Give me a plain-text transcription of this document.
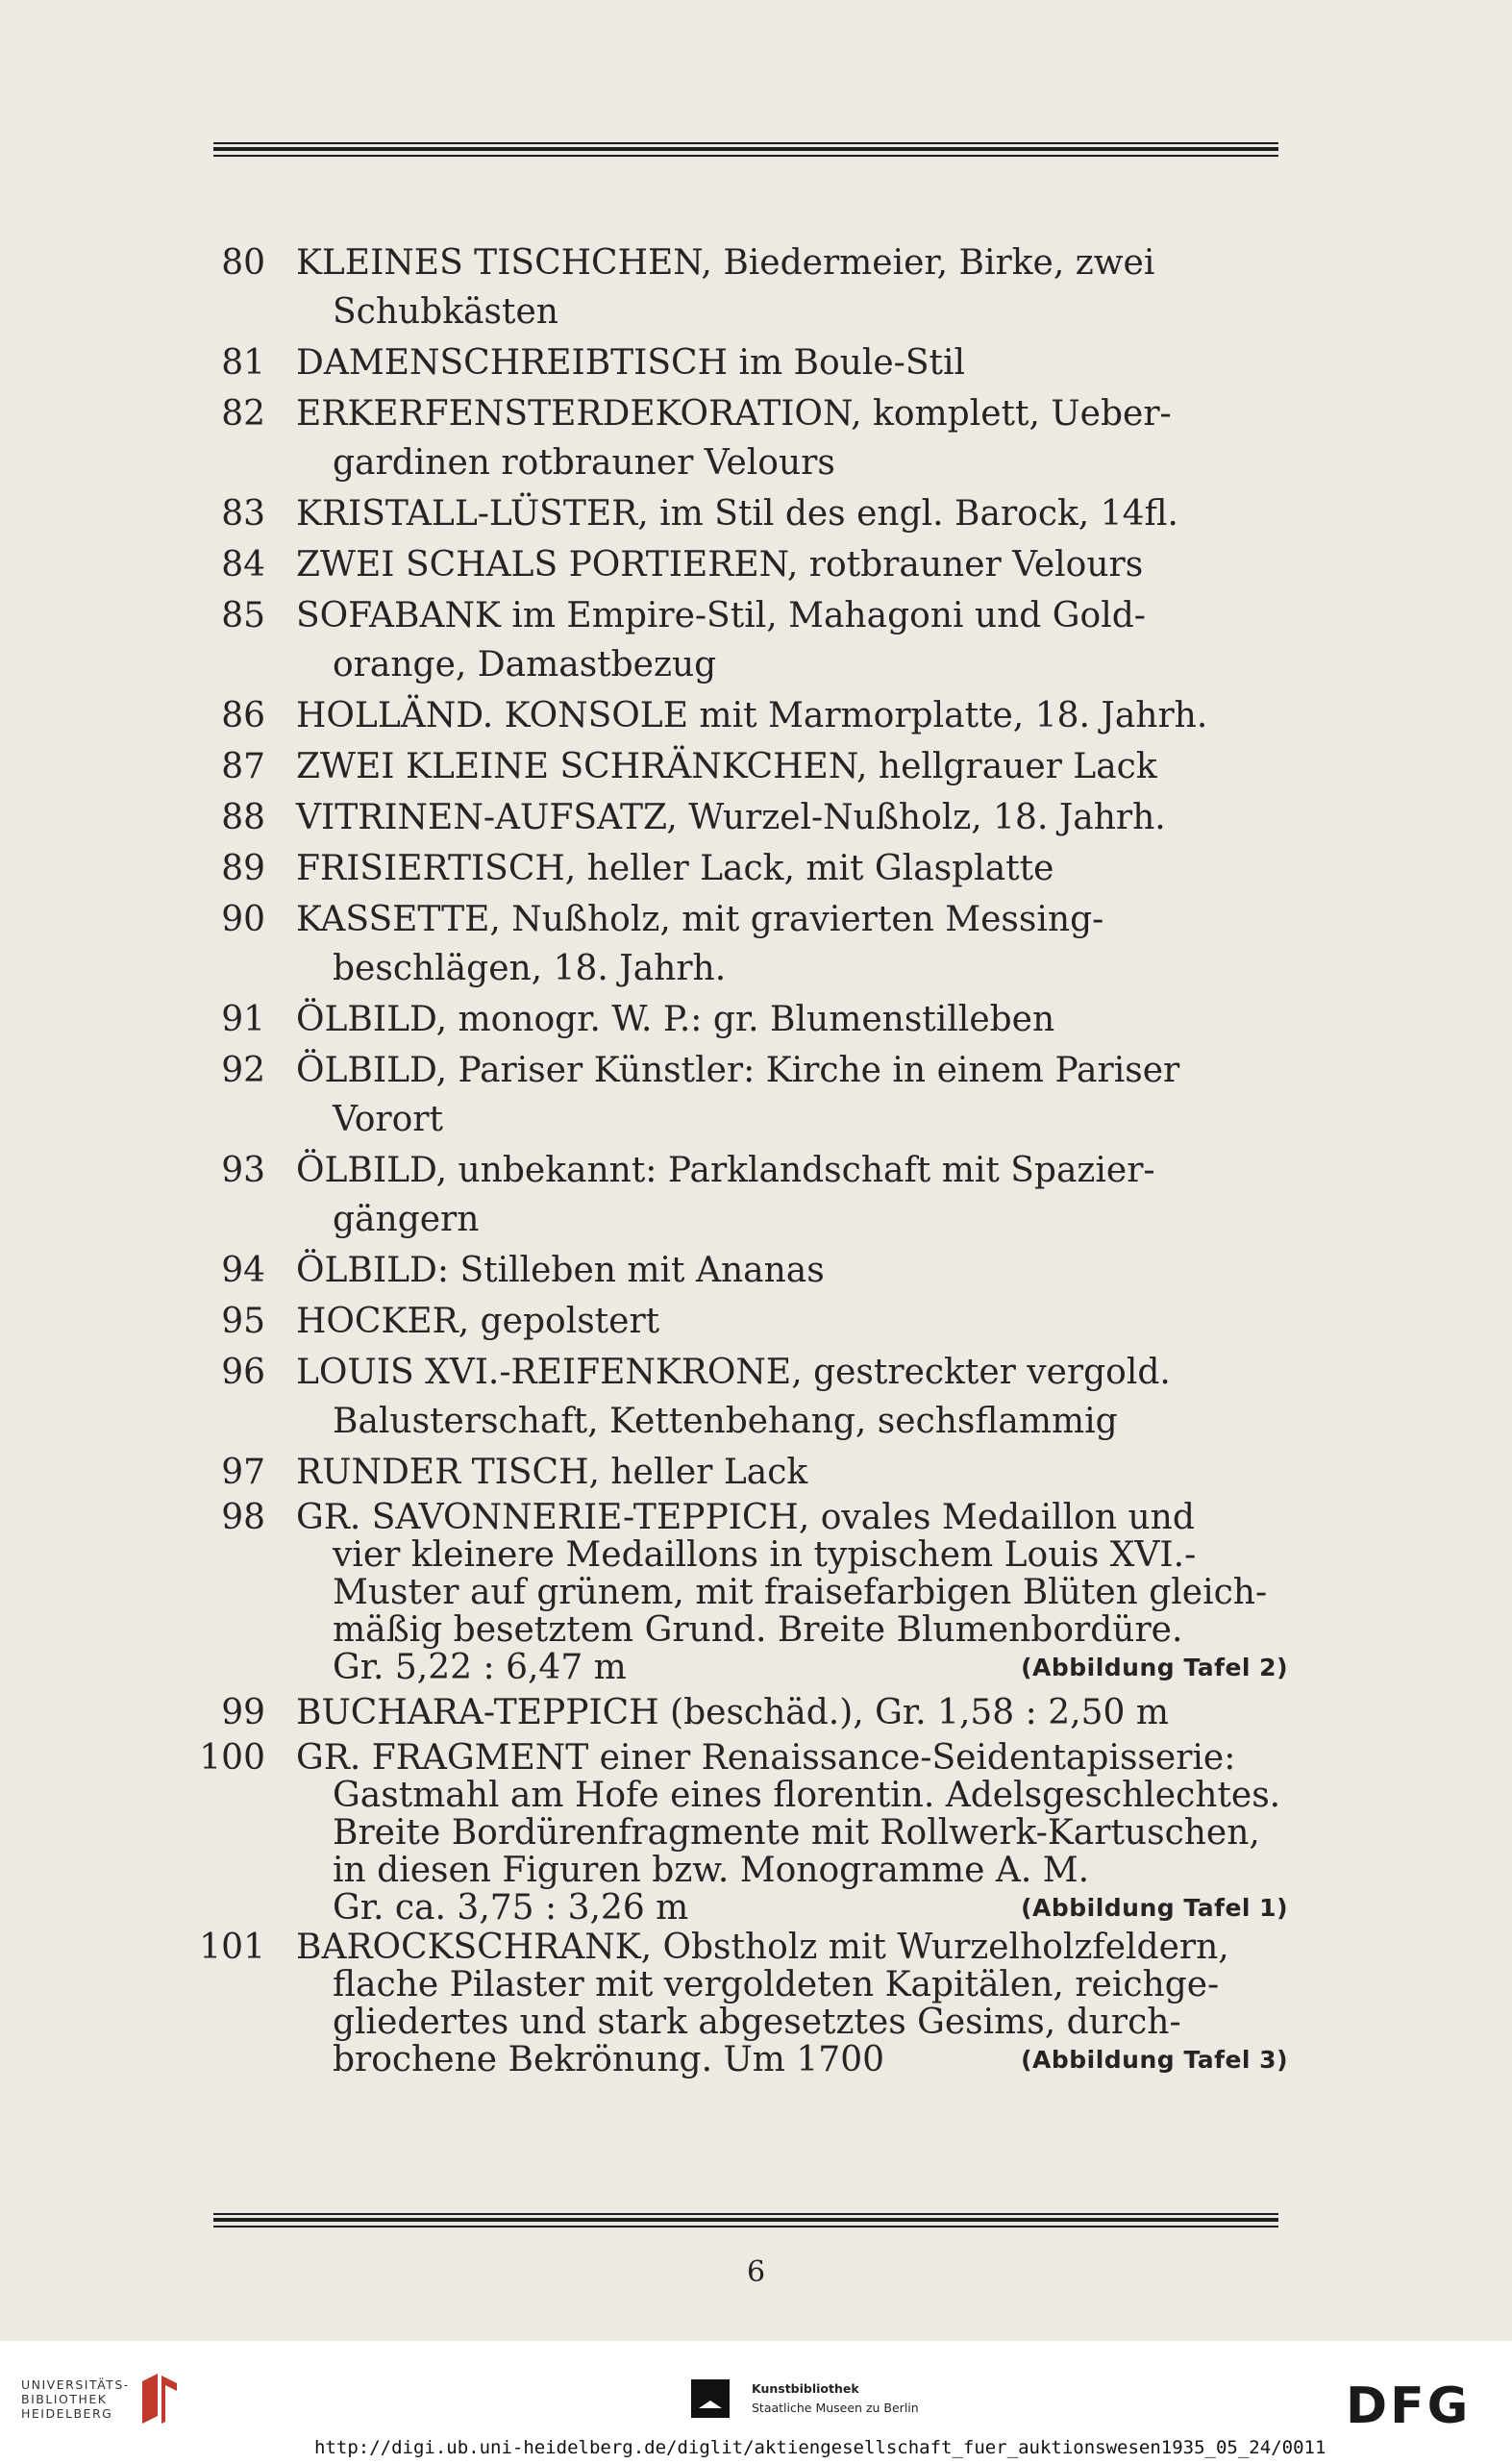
80 KLEINES TISCHCHEN, Biedermeier, Birke, zwei
Schubkästen
81 DAMENSCHREIBTISCH im Boule-Stil
82 ERKERFENSTERDEKORATION, komplett, Ueber-
gardinen rotbrauner Velours
83 KRISTALL-LÜSTER, im Stil des engl. Barock, 14fl.
84 ZWEI SCHALS PORTIEREN, rotbrauner Velours
85 SOFABANK im Empire-Stil, Mahagoni und Gold-
orange, Damastbezug
86 HOLLÄND. KONSOLE mit Marmorplatte, 18. Jahrh.
87 ZWEI KLEINE SCHRÄNKCHEN, hellgrauer Lack
88 VITRINEN-AUFSATZ, Wurzel-Nußholz, 18. Jahrh.
89 FRISIERTISCH, heller Lack, mit Glasplatte
90 KASSETTE, Nußholz, mit gravierten Messing-
beschlägen, 18. Jahrh.
91 ÖLBILD, monogr. W. P.: gr. Blumenstilleben
92 ÖLBILD, Pariser Künstler: Kirche in einem Pariser
Vorort
93 ÖLBILD, unbekannt: Parklandschaft mit Spazier-
gängern
94 ÖLBILD: Stilleben mit Ananas
95 HOCKER, gepolstert
96 LOUIS XVI.-REIFENKRONE, gestreckter vergold.
Balusterschaft, Kettenbehang, sechsflammig
97 RUNDER TISCH, heller Lack
98 GR. SAVONNERIE-TEPPICH, ovales Medaillon und
vier kleinere Medaillons in typischem Louis XVI.-
Muster auf grünem, mit fraisefarbigen Blüten gleich-
mäßig besetztem Grund. Breite Blumenbordüre.
Gr. 5,22 : 6,47 m	(Abbildung Tafel 2)
99 BUCHARA-TEPPICH (beschäd.), Gr. 1,58 : 2,50 m
100 GR. FRAGMENT einer Renaissance-Seidentapisserie:
Gastmahl am Hofe eines florentin. Adelsgeschlechtes.
Breite Bordürenfragmente mit Rollwerk-Kartuschen,
in diesen Figuren bzw. Monogramme A. M.
Gr. ca. 3,75 : 3,26 m	(Abbildung Tafel 1)
101 BAROCKSCHRANK, Obstholz mit Wurzelholzfeldern,
flache Pilaster mit vergoldeten Kapitälen, reichge-
gliedertes und stark abgesetztes Gesims, durch-
brochene Bekrönung. Um 1700	(Abbildung Tafel 3)
6
UNIVERSITÄTS-
BIBLIOTHEK
HEIDELBERG
Kunstbibliothek
Staatliche Museen zu Berlin	DFG
http://digi.ub.uni-heidelberg.de/diglit/aktiengesellschaft_fuer_auktionswesen1935_05_24/0011
